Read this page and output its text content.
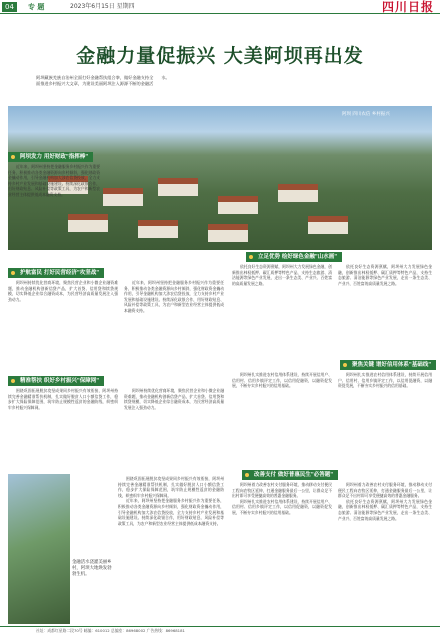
04	专 题	2023年6月15日 星期四	四川日报
金融力量促振兴 大美阿坝再出发
阿坝藏族羌族自治州全面打好金融帮扶组合拳，做好金融支持全面推进乡村振兴大文章，为建设美丽阿坝注入源源不断的金融活水。
阿坝 四川农信 乡村振兴
阿坝发力 用好财政"指挥棒"

近年来，阿坝州坚持把金融服务乡村振兴作为重要任务，积极推动各类金融资源向乡村倾斜，强化财政资金撬动作用，引导金融机构加大涉农信贷投放，全力支持乡村产业发展和基础设施建设。持续深化政银合作，用好财政贴息、风险补偿等政策工具，为农户和新型农业经营主体提供低成本融资支持。

护航富民 打好民营经济"攻坚战"

阿坝州持续优化营商环境，聚焦民营企业和小微企业融资难题，推动金融机构创新信贷产品，扩大首贷、信用贷和续贷规模，切实降低企业综合融资成本，为民营经济高质量发展注入强劲动力。

近年来，阿坝州坚持把金融服务乡村振兴作为重要任务，积极推动各类金融资源向乡村倾斜，强化财政资金撬动作用，引导金融机构加大涉农信贷投放，全力支持乡村产业发展和基础设施建设。持续深化政银合作，用好财政贴息、风险补偿等政策工具，为农户和新型农业经营主体提供低成本融资支持。

精准帮扶 织好乡村振兴"保障网"

围绕巩固拓展脱贫攻坚成果同乡村振兴有效衔接，阿坝州持续完善金融精准帮扶机制，扎实做好脱贫人口小额信贷工作，稳步扩大保险保障范围，筑牢防止规模性返贫的金融防线，织密织牢乡村振兴保障网。

阿坝州持续优化营商环境，聚焦民营企业和小微企业融资难题，推动金融机构创新信贷产品，扩大首贷、信用贷和续贷规模，切实降低企业综合融资成本，为民营经济高质量发展注入强劲动力。

金融活水浇灌美丽乡村，阿坝大地焕发勃勃生机。

围绕巩固拓展脱贫攻坚成果同乡村振兴有效衔接，阿坝州持续完善金融精准帮扶机制，扎实做好脱贫人口小额信贷工作，稳步扩大保险保障范围，筑牢防止规模性返贫的金融防线，织密织牢乡村振兴保障网。

近年来，阿坝州坚持把金融服务乡村振兴作为重要任务，积极推动各类金融资源向乡村倾斜，强化财政资金撬动作用，引导金融机构加大涉农信贷投放，全力支持乡村产业发展和基础设施建设。持续深化政银合作，用好财政贴息、风险补偿等政策工具，为农户和新型农业经营主体提供低成本融资支持。

立足优势 绘好绿色金融"山水画"

依托良好生态资源禀赋，阿坝州大力发展绿色金融，创新推出林权抵押、碳汇质押等特色产品，支持生态旅游、清洁能源等绿色产业发展，走出一条生态美、产业兴、百姓富的高质量发展之路。

依托良好生态资源禀赋，阿坝州大力发展绿色金融，创新推出林权抵押、碳汇质押等特色产品，支持生态旅游、清洁能源等绿色产业发展，走出一条生态美、产业兴、百姓富的高质量发展之路。

聚焦关键 谱好信用体系"基础线"

阿坝州扎实推进农村信用体系建设，持续开展信用户、信用村、信用乡镇评定工作，以信用促融资，以融资促发展，不断夯实乡村振兴的信用基础。

阿坝州扎实推进农村信用体系建设，持续开展信用户、信用村、信用乡镇评定工作，以信用促融资，以融资促发展，不断夯实乡村振兴的信用基础。

改善支付 做好普惠民生"必答题"

阿坝州着力改善农村支付服务环境，推动移动支付便民工程向农牧区延伸，打通金融服务最后一公里，让群众足不出村即可享受便捷高效的普惠金融服务。

阿坝州扎实推进农村信用体系建设，持续开展信用户、信用村、信用乡镇评定工作，以信用促融资，以融资促发展，不断夯实乡村振兴的信用基础。

阿坝州着力改善农村支付服务环境，推动移动支付便民工程向农牧区延伸，打通金融服务最后一公里，让群众足不出村即可享受便捷高效的普惠金融服务。

依托良好生态资源禀赋，阿坝州大力发展绿色金融，创新推出林权抵押、碳汇质押等特色产品，支持生态旅游、清洁能源等绿色产业发展，走出一条生态美、产业兴、百姓富的高质量发展之路。

社址：成都红星路二段70号 邮编：610012 总编室：86968002 广告热线：86968181
